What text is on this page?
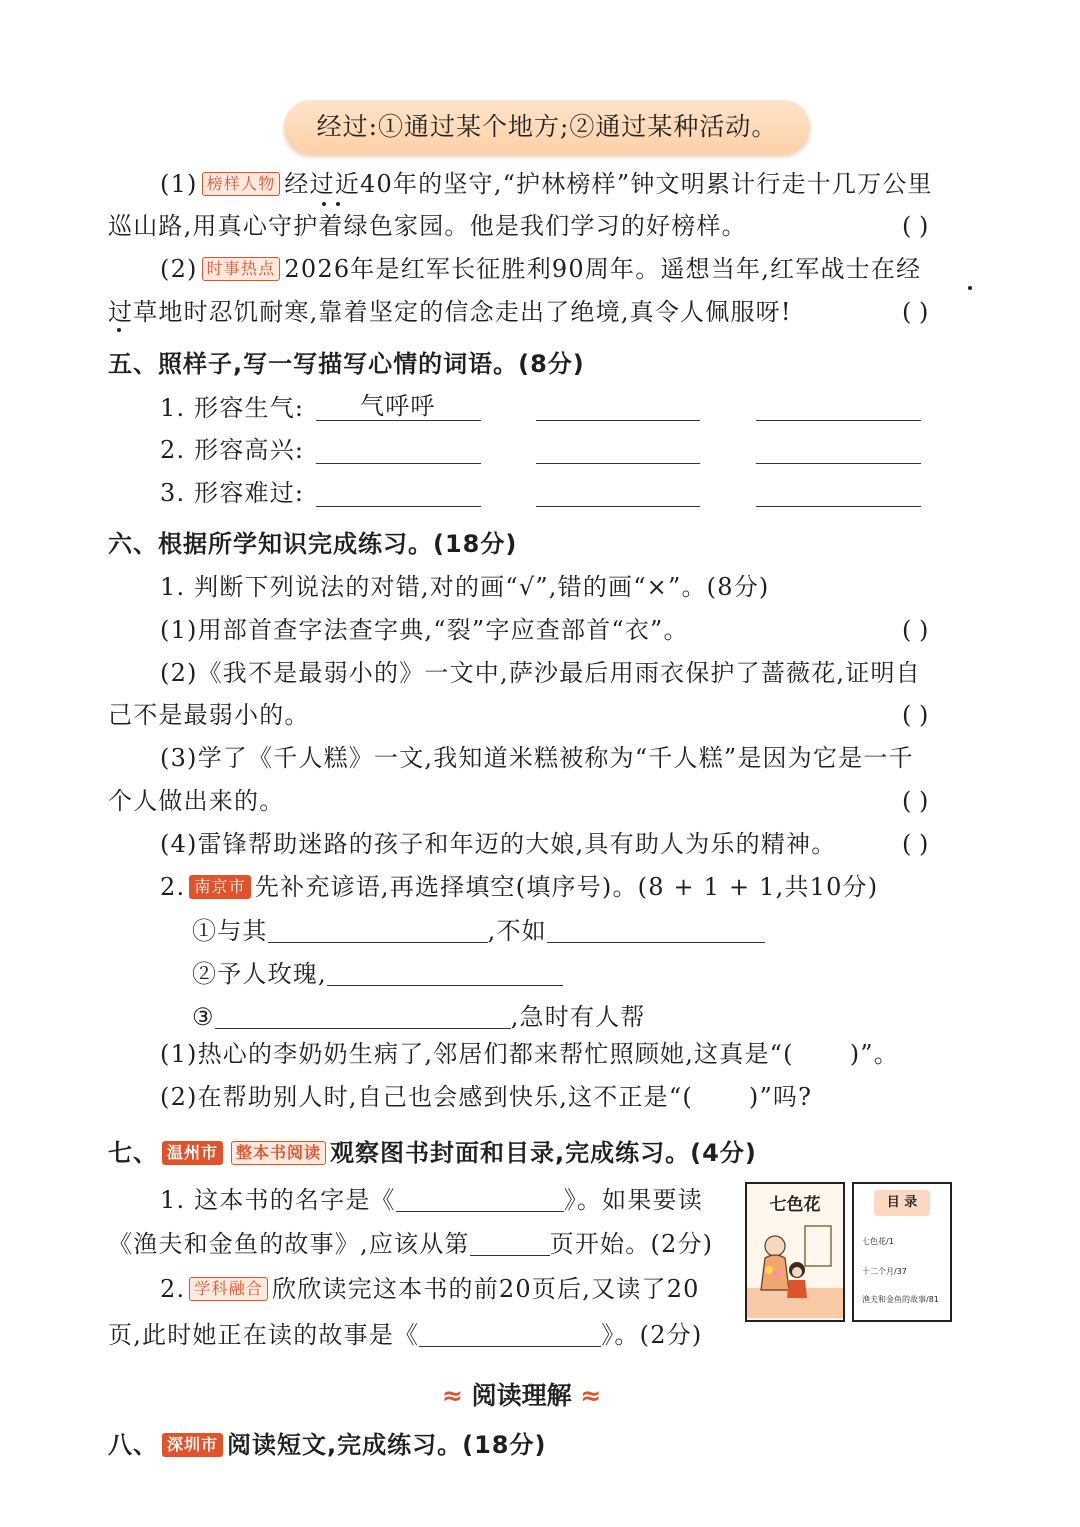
经过:①通过某个地方;②通过某种活动。
(1) 榜样人物 经过近40年的坚守,“护林榜样”钟文明累计行走十几万公里
巡山路,用真心守护着绿色家园。他是我们学习的好榜样。	( )
(2) 时事热点 2026年是红军长征胜利90周年。遥想当年,红军战士在经
过草地时忍饥耐寒,靠着坚定的信念走出了绝境,真令人佩服呀!	( )
五、照样子,写一写描写心情的词语。(8分)
1. 形容生气: 气呼呼
2. 形容高兴:
3. 形容难过:
六、根据所学知识完成练习。(18分)
1. 判断下列说法的对错,对的画“√”,错的画“×”。(8分)
(1)用部首查字法查字典,“裂”字应查部首“衣”。	( )
(2)《我不是最弱小的》一文中,萨沙最后用雨衣保护了蔷薇花,证明自
己不是最弱小的。	( )
(3)学了《千人糕》一文,我知道米糕被称为“千人糕”是因为它是一千
个人做出来的。	( )
(4)雷锋帮助迷路的孩子和年迈的大娘,具有助人为乐的精神。	( )
2. 南京市 先补充谚语,再选择填空(填序号)。(8 + 1 + 1,共10分)
①与其	,不如
②予人玫瑰,
③	,急时有人帮
(1)热心的李奶奶生病了,邻居们都来帮忙照顾她,这真是“( )”。
(2)在帮助别人时,自己也会感到快乐,这不正是“( )”吗?
七、 温州市 整本书阅读 观察图书封面和目录,完成练习。(4分)
1. 这本书的名字是《	》。如果要读
《渔夫和金鱼的故事》,应该从第	页开始。(2分)
2. 学科融合 欣欣读完这本书的前20页后,又读了20
页,此时她正在读的故事是《	》。(2分)
七色花	目 录
七色花/1
十二个月/37
渔夫和金鱼的故事/81
≈ 阅读理解 ≈
八、 深圳市 阅读短文,完成练习。(18分)
